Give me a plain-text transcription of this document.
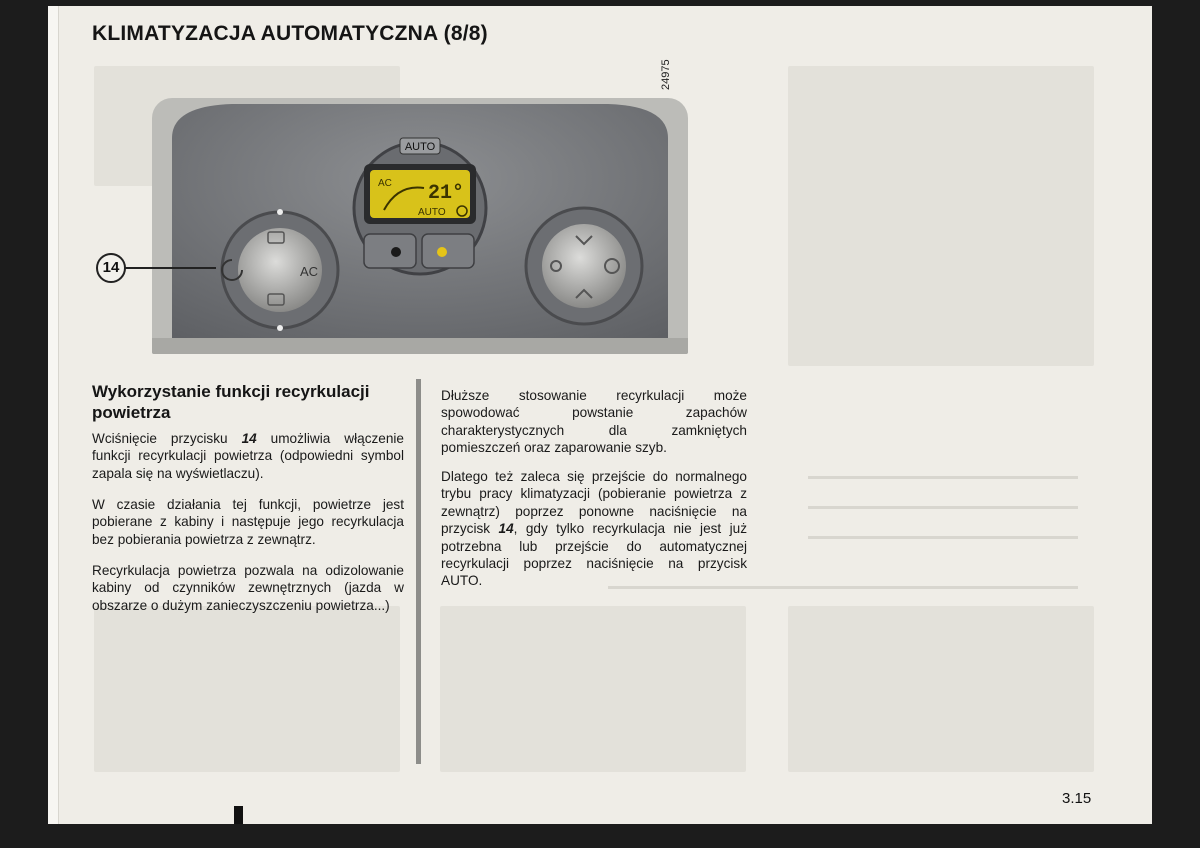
KLIMATYZACJA AUTOMATYCZNA (8/8)
AC
AUTO
AC 21°
AUTO
24975
14
Wykorzystanie funkcji recyrkulacji powietrza
Wciśnięcie przycisku 14 umożliwia włączenie funkcji recyrkulacji powietrza (odpowiedni symbol zapala się na wyświetlaczu).
W czasie działania tej funkcji, powietrze jest pobierane z kabiny i następuje jego recyrkulacja bez pobierania powietrza z zewnątrz.
Recyrkulacja powietrza pozwala na odizolowanie kabiny od czynników zewnętrznych (jazda w obszarze o dużym zanieczyszczeniu powietrza...)
Dłuższe stosowanie recyrkulacji może spowodować powstanie zapachów charakterystycznych dla zamkniętych pomieszczeń oraz zaparowanie szyb.
Dlatego też zaleca się przejście do normalnego trybu pracy klimatyzacji (pobieranie powietrza z zewnątrz) poprzez ponowne naciśnięcie na przycisk 14, gdy tylko recyrkulacja nie jest już potrzebna lub przejście do automatycznej recyrkulacji poprzez naciśnięcie na przycisk AUTO.
3.15
